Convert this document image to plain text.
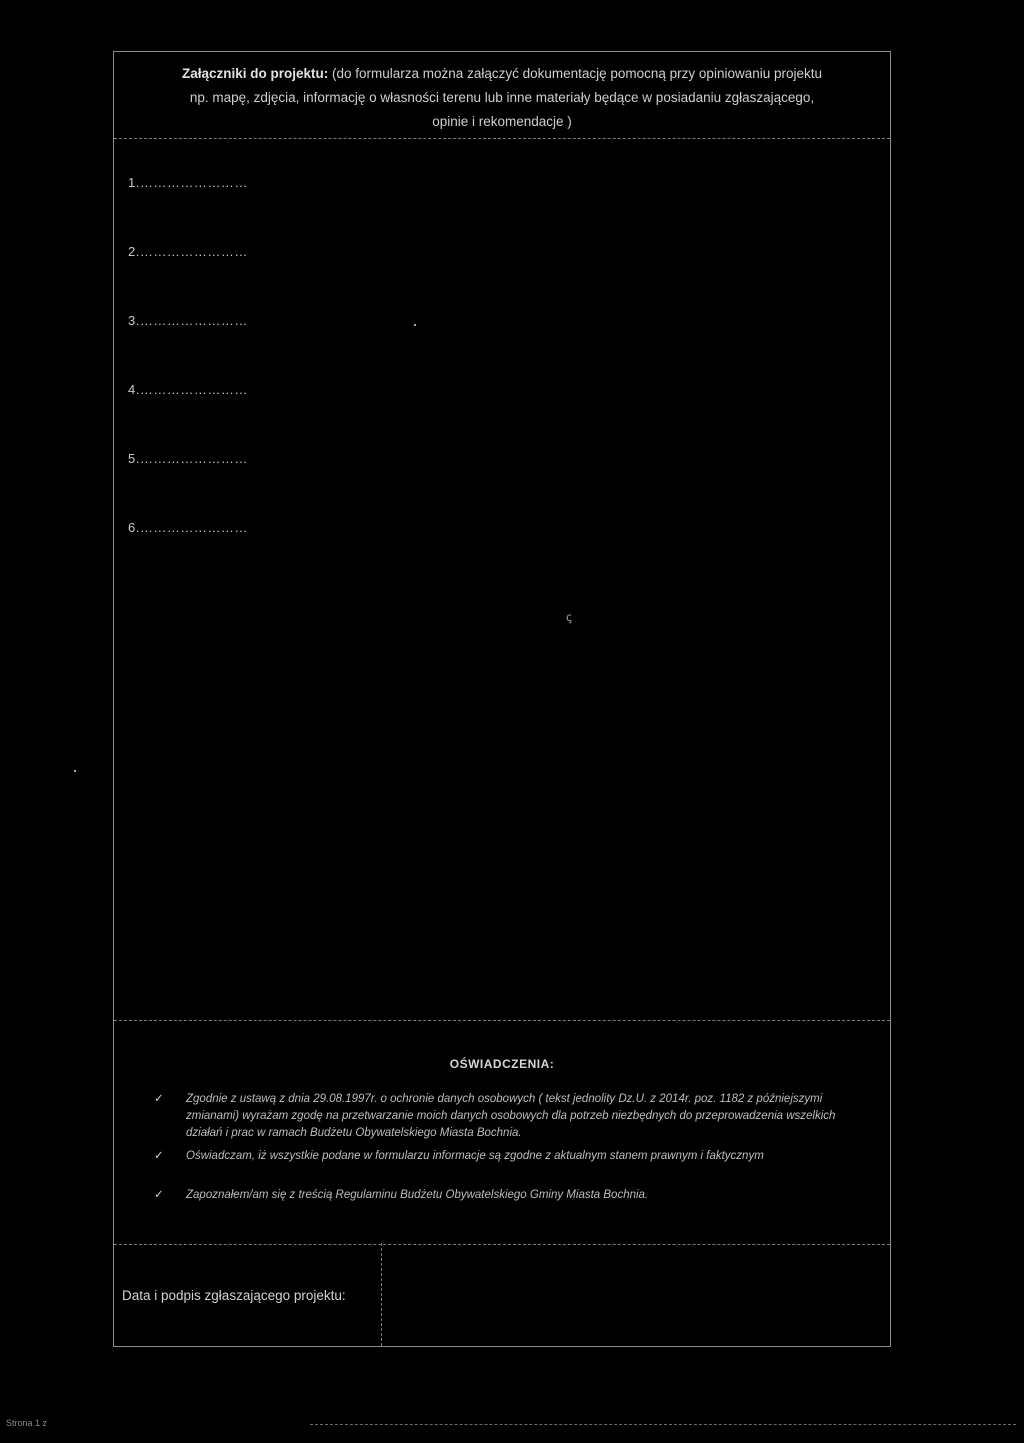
Załączniki do projektu: (do formularza można załączyć dokumentację pomocną przy opiniowaniu projektu
np. mapę, zdjęcia, informację o własności terenu lub inne materiały będące w posiadaniu zgłaszającego,
opinie i rekomendacje )
1.……………………
2.……………………
3.……………………
4.……………………
5.……………………
6.……………………
ꞔ
OŚWIADCZENIA:
✓ Zgodnie z ustawą z dnia 29.08.1997r. o ochronie danych osobowych ( tekst jednolity Dz.U. z 2014r. poz. 1182 z późniejszymi zmianami) wyrażam zgodę na przetwarzanie moich danych osobowych dla potrzeb niezbędnych do przeprowadzenia wszelkich działań i prac w ramach Budżetu Obywatelskiego Miasta Bochnia.
✓ Oświadczam, iż wszystkie podane w formularzu informacje są zgodne z aktualnym stanem prawnym i faktycznym
✓ Zapoznałem/am się z treścią Regulaminu Budżetu Obywatelskiego Gminy Miasta Bochnia.
Data i podpis zgłaszającego projektu:
Strona 1 z
